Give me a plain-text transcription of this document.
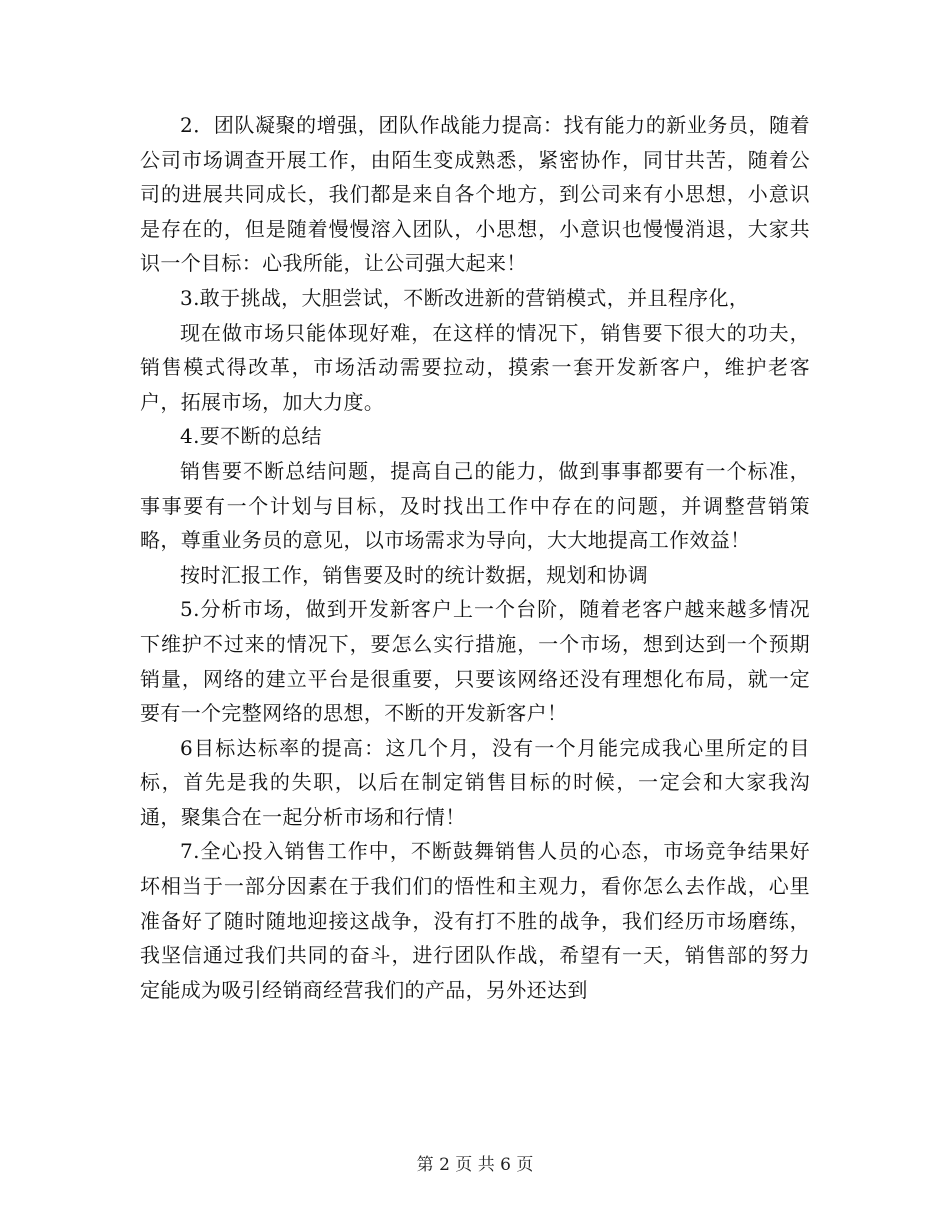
2．团队凝聚的增强，团队作战能力提高：找有能力的新业务员，随着公司市场调查开展工作，由陌生变成熟悉，紧密协作，同甘共苦，随着公司的进展共同成长，我们都是来自各个地方，到公司来有小思想，小意识是存在的，但是随着慢慢溶入团队，小思想，小意识也慢慢消退，大家共识一个目标：心我所能，让公司强大起来！

3.敢于挑战，大胆尝试，不断改进新的营销模式，并且程序化，

现在做市场只能体现好难，在这样的情况下，销售要下很大的功夫，销售模式得改革，市场活动需要拉动，摸索一套开发新客户，维护老客户，拓展市场，加大力度。

4.要不断的总结

销售要不断总结问题，提高自己的能力，做到事事都要有一个标准，事事要有一个计划与目标，及时找出工作中存在的问题，并调整营销策略，尊重业务员的意见，以市场需求为导向，大大地提高工作效益！

按时汇报工作，销售要及时的统计数据，规划和协调

5.分析市场，做到开发新客户上一个台阶，随着老客户越来越多情况下维护不过来的情况下，要怎么实行措施，一个市场，想到达到一个预期销量，网络的建立平台是很重要，只要该网络还没有理想化布局，就一定要有一个完整网络的思想，不断的开发新客户！

6目标达标率的提高：这几个月，没有一个月能完成我心里所定的目标，首先是我的失职，以后在制定销售目标的时候，一定会和大家我沟通，聚集合在一起分析市场和行情！

7.全心投入销售工作中，不断鼓舞销售人员的心态，市场竞争结果好坏相当于一部分因素在于我们们的悟性和主观力，看你怎么去作战，心里准备好了随时随地迎接这战争，没有打不胜的战争，我们经历市场磨练，我坚信通过我们共同的奋斗，进行团队作战，希望有一天，销售部的努力定能成为吸引经销商经营我们的产品，另外还达到

第 2 页 共 6 页
